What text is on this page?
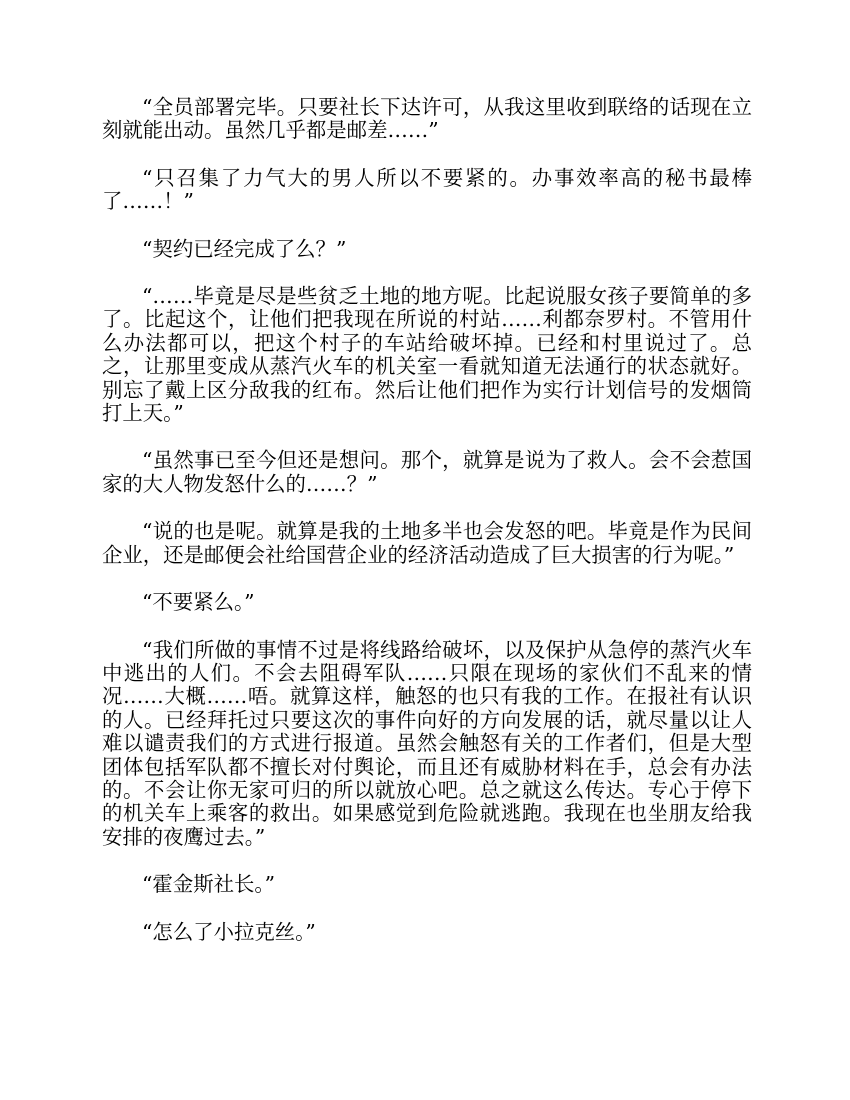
“全员部署完毕。只要社长下达许可，从我这里收到联络的话现在立刻就能出动。虽然几乎都是邮差……”

“只召集了力气大的男人所以不要紧的。办事效率高的秘书最棒了……！”

“契约已经完成了么？”

“……毕竟是尽是些贫乏土地的地方呢。比起说服女孩子要简单的多了。比起这个，让他们把我现在所说的村站……利都奈罗村。不管用什么办法都可以，把这个村子的车站给破坏掉。已经和村里说过了。总之，让那里变成从蒸汽火车的机关室一看就知道无法通行的状态就好。别忘了戴上区分敌我的红布。然后让他们把作为实行计划信号的发烟筒打上天。”

“虽然事已至今但还是想问。那个，就算是说为了救人。会不会惹国家的大人物发怒什么的……？”

“说的也是呢。就算是我的土地多半也会发怒的吧。毕竟是作为民间企业，还是邮便会社给国营企业的经济活动造成了巨大损害的行为呢。”

“不要紧么。”

“我们所做的事情不过是将线路给破坏，以及保护从急停的蒸汽火车中逃出的人们。不会去阻碍军队……只限在现场的家伙们不乱来的情况……大概……唔。就算这样，触怒的也只有我的工作。在报社有认识的人。已经拜托过只要这次的事件向好的方向发展的话，就尽量以让人难以谴责我们的方式进行报道。虽然会触怒有关的工作者们，但是大型团体包括军队都不擅长对付舆论，而且还有威胁材料在手，总会有办法的。不会让你无家可归的所以就放心吧。总之就这么传达。专心于停下的机关车上乘客的救出。如果感觉到危险就逃跑。我现在也坐朋友给我安排的夜鹰过去。”

“霍金斯社长。”

“怎么了小拉克丝。”
